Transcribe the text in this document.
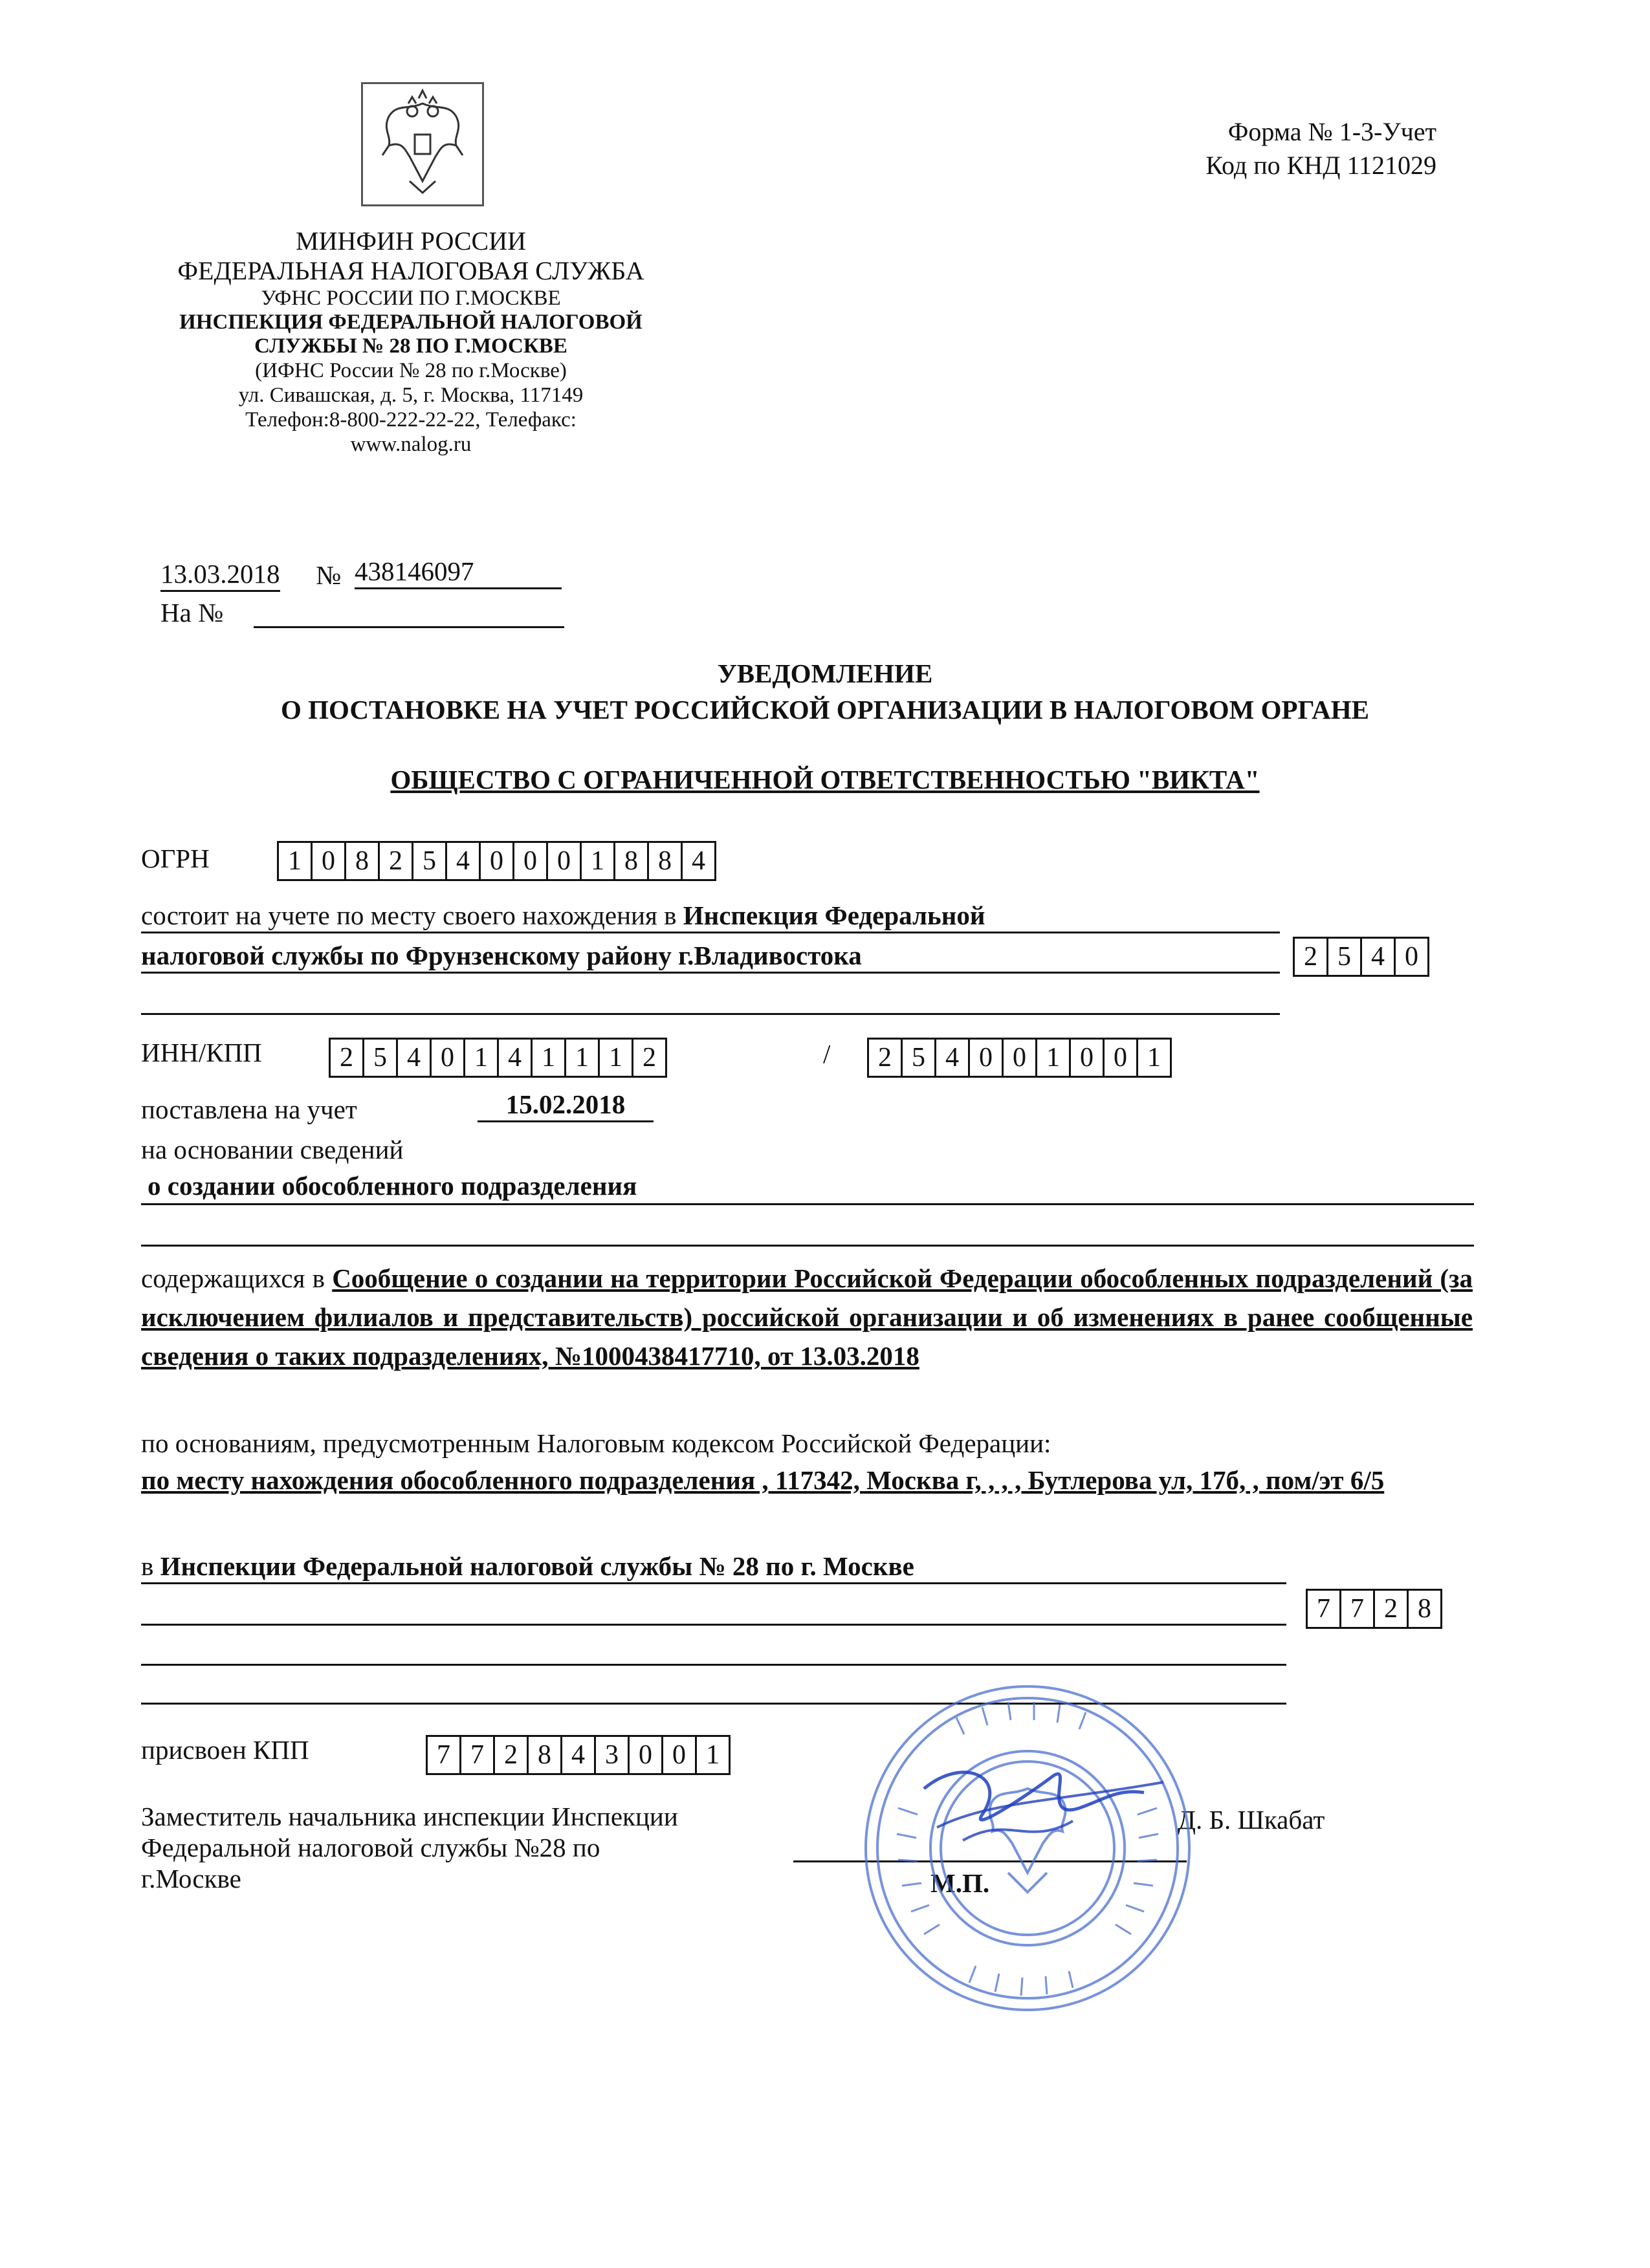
Форма № 1-3-Учет
Код по КНД 1121029
МИНФИН РОССИИ
ФЕДЕРАЛЬНАЯ НАЛОГОВАЯ СЛУЖБА
УФНС РОССИИ ПО Г.МОСКВЕ
ИНСПЕКЦИЯ ФЕДЕРАЛЬНОЙ НАЛОГОВОЙ
СЛУЖБЫ № 28 ПО Г.МОСКВЕ
(ИФНС России № 28 по г.Москве)
ул. Сивашская, д. 5, г. Москва, 117149
Телефон:8-800-222-22-22, Телефакс:
www.nalog.ru
13.03.2018 № 438146097
На №
УВЕДОМЛЕНИЕ
О ПОСТАНОВКЕ НА УЧЕТ РОССИЙСКОЙ ОРГАНИЗАЦИИ В НАЛОГОВОМ ОРГАНЕ
ОБЩЕСТВО С ОГРАНИЧЕННОЙ ОТВЕТСТВЕННОСТЬЮ "ВИКТА"
ОГРН	1 0 8 2 5 4 0 0 0 1 8 8 4
состоит на учете по месту своего нахождения в Инспекция Федеральной
налоговой службы по Фрунзенскому району г.Владивостока	2 5 4 0
ИНН/КПП	2 5 4 0 1 4 1 1 1 2	/	2 5 4 0 0 1 0 0 1
поставлена на учет	15.02.2018
на основании сведений
о создании обособленного подразделения
содержащихся в Сообщение о создании на территории Российской Федерации обособленных подразделений (за исключением филиалов и представительств) российской организации и об изменениях в ранее сообщенные сведения о таких подразделениях, №1000438417710, от 13.03.2018
по основаниям, предусмотренным Налоговым кодексом Российской Федерации:
по месту нахождения обособленного подразделения , 117342, Москва г, , , , Бутлерова ул, 17б, , пом/эт 6/5
в Инспекции Федеральной налоговой службы № 28 по г. Москве
7 7 2 8
присвоен КПП	7 7 2 8 4 3 0 0 1
Заместитель начальника инспекции Инспекции
Федеральной налоговой службы №28 по
г.Москве
Д. Б. Шкабат
М.П.
